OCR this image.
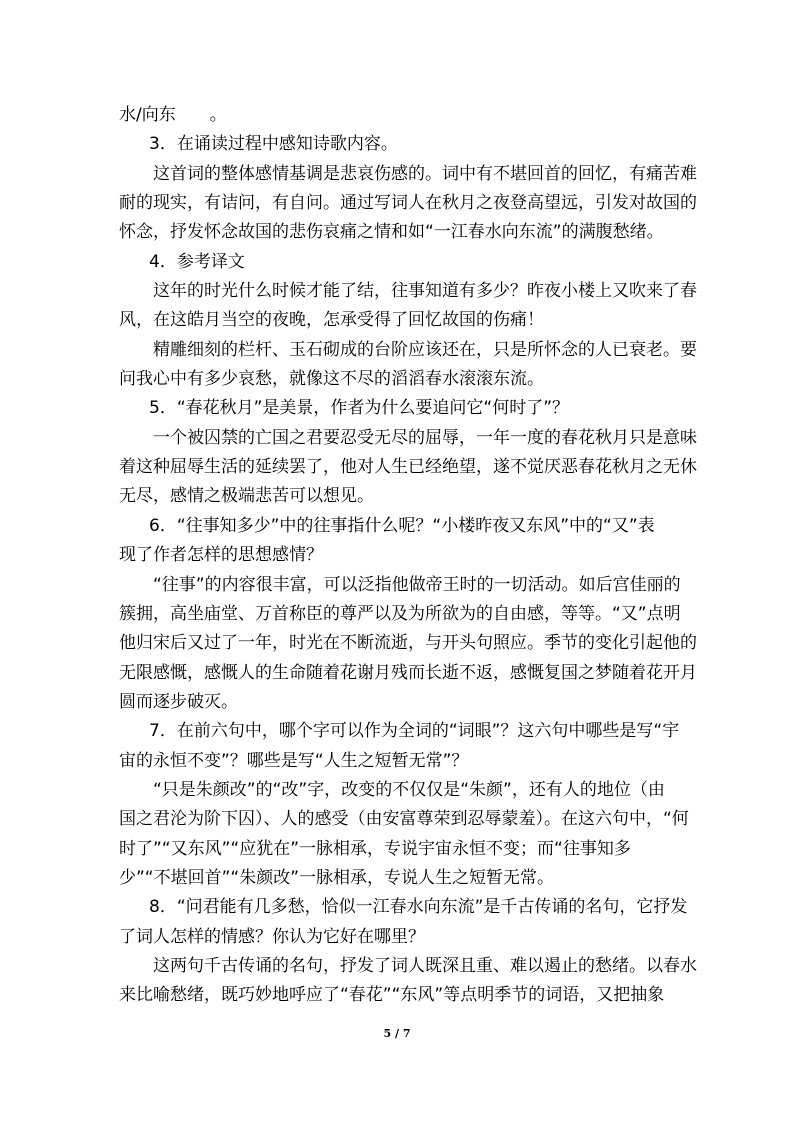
水/向东　　。
3．在诵读过程中感知诗歌内容。
这首词的整体感情基调是悲哀伤感的。词中有不堪回首的回忆，有痛苦难
耐的现实，有诘问，有自问。通过写词人在秋月之夜登高望远，引发对故国的
怀念，抒发怀念故国的悲伤哀痛之情和如“一江春水向东流”的满腹愁绪。
4．参考译文
这年的时光什么时候才能了结，往事知道有多少？昨夜小楼上又吹来了春
风，在这皓月当空的夜晚，怎承受得了回忆故国的伤痛！
精雕细刻的栏杆、玉石砌成的台阶应该还在，只是所怀念的人已衰老。要
问我心中有多少哀愁，就像这不尽的滔滔春水滚滚东流。
5．“春花秋月”是美景，作者为什么要追问它“何时了”？
一个被囚禁的亡国之君要忍受无尽的屈辱，一年一度的春花秋月只是意味
着这种屈辱生活的延续罢了，他对人生已经绝望，遂不觉厌恶春花秋月之无休
无尽，感情之极端悲苦可以想见。
6．“往事知多少”中的往事指什么呢？“小楼昨夜又东风”中的“又”表
现了作者怎样的思想感情？
“往事”的内容很丰富，可以泛指他做帝王时的一切活动。如后宫佳丽的
簇拥，高坐庙堂、万首称臣的尊严以及为所欲为的自由感，等等。“又”点明
他归宋后又过了一年，时光在不断流逝，与开头句照应。季节的变化引起他的
无限感慨，感慨人的生命随着花谢月残而长逝不返，感慨复国之梦随着花开月
圆而逐步破灭。
7．在前六句中，哪个字可以作为全词的“词眼”？这六句中哪些是写“宇
宙的永恒不变”？哪些是写“人生之短暂无常”？
“只是朱颜改”的“改”字，改变的不仅仅是“朱颜”，还有人的地位（由
国之君沦为阶下囚）、人的感受（由安富尊荣到忍辱蒙羞）。在这六句中，“何
时了”“又东风”“应犹在”一脉相承，专说宇宙永恒不变；而“往事知多
少”“不堪回首”“朱颜改”一脉相承，专说人生之短暂无常。
8．“问君能有几多愁，恰似一江春水向东流”是千古传诵的名句，它抒发
了词人怎样的情感？你认为它好在哪里？
这两句千古传诵的名句，抒发了词人既深且重、难以遏止的愁绪。以春水
来比喻愁绪，既巧妙地呼应了“春花”“东风”等点明季节的词语，又把抽象
5 / 7
